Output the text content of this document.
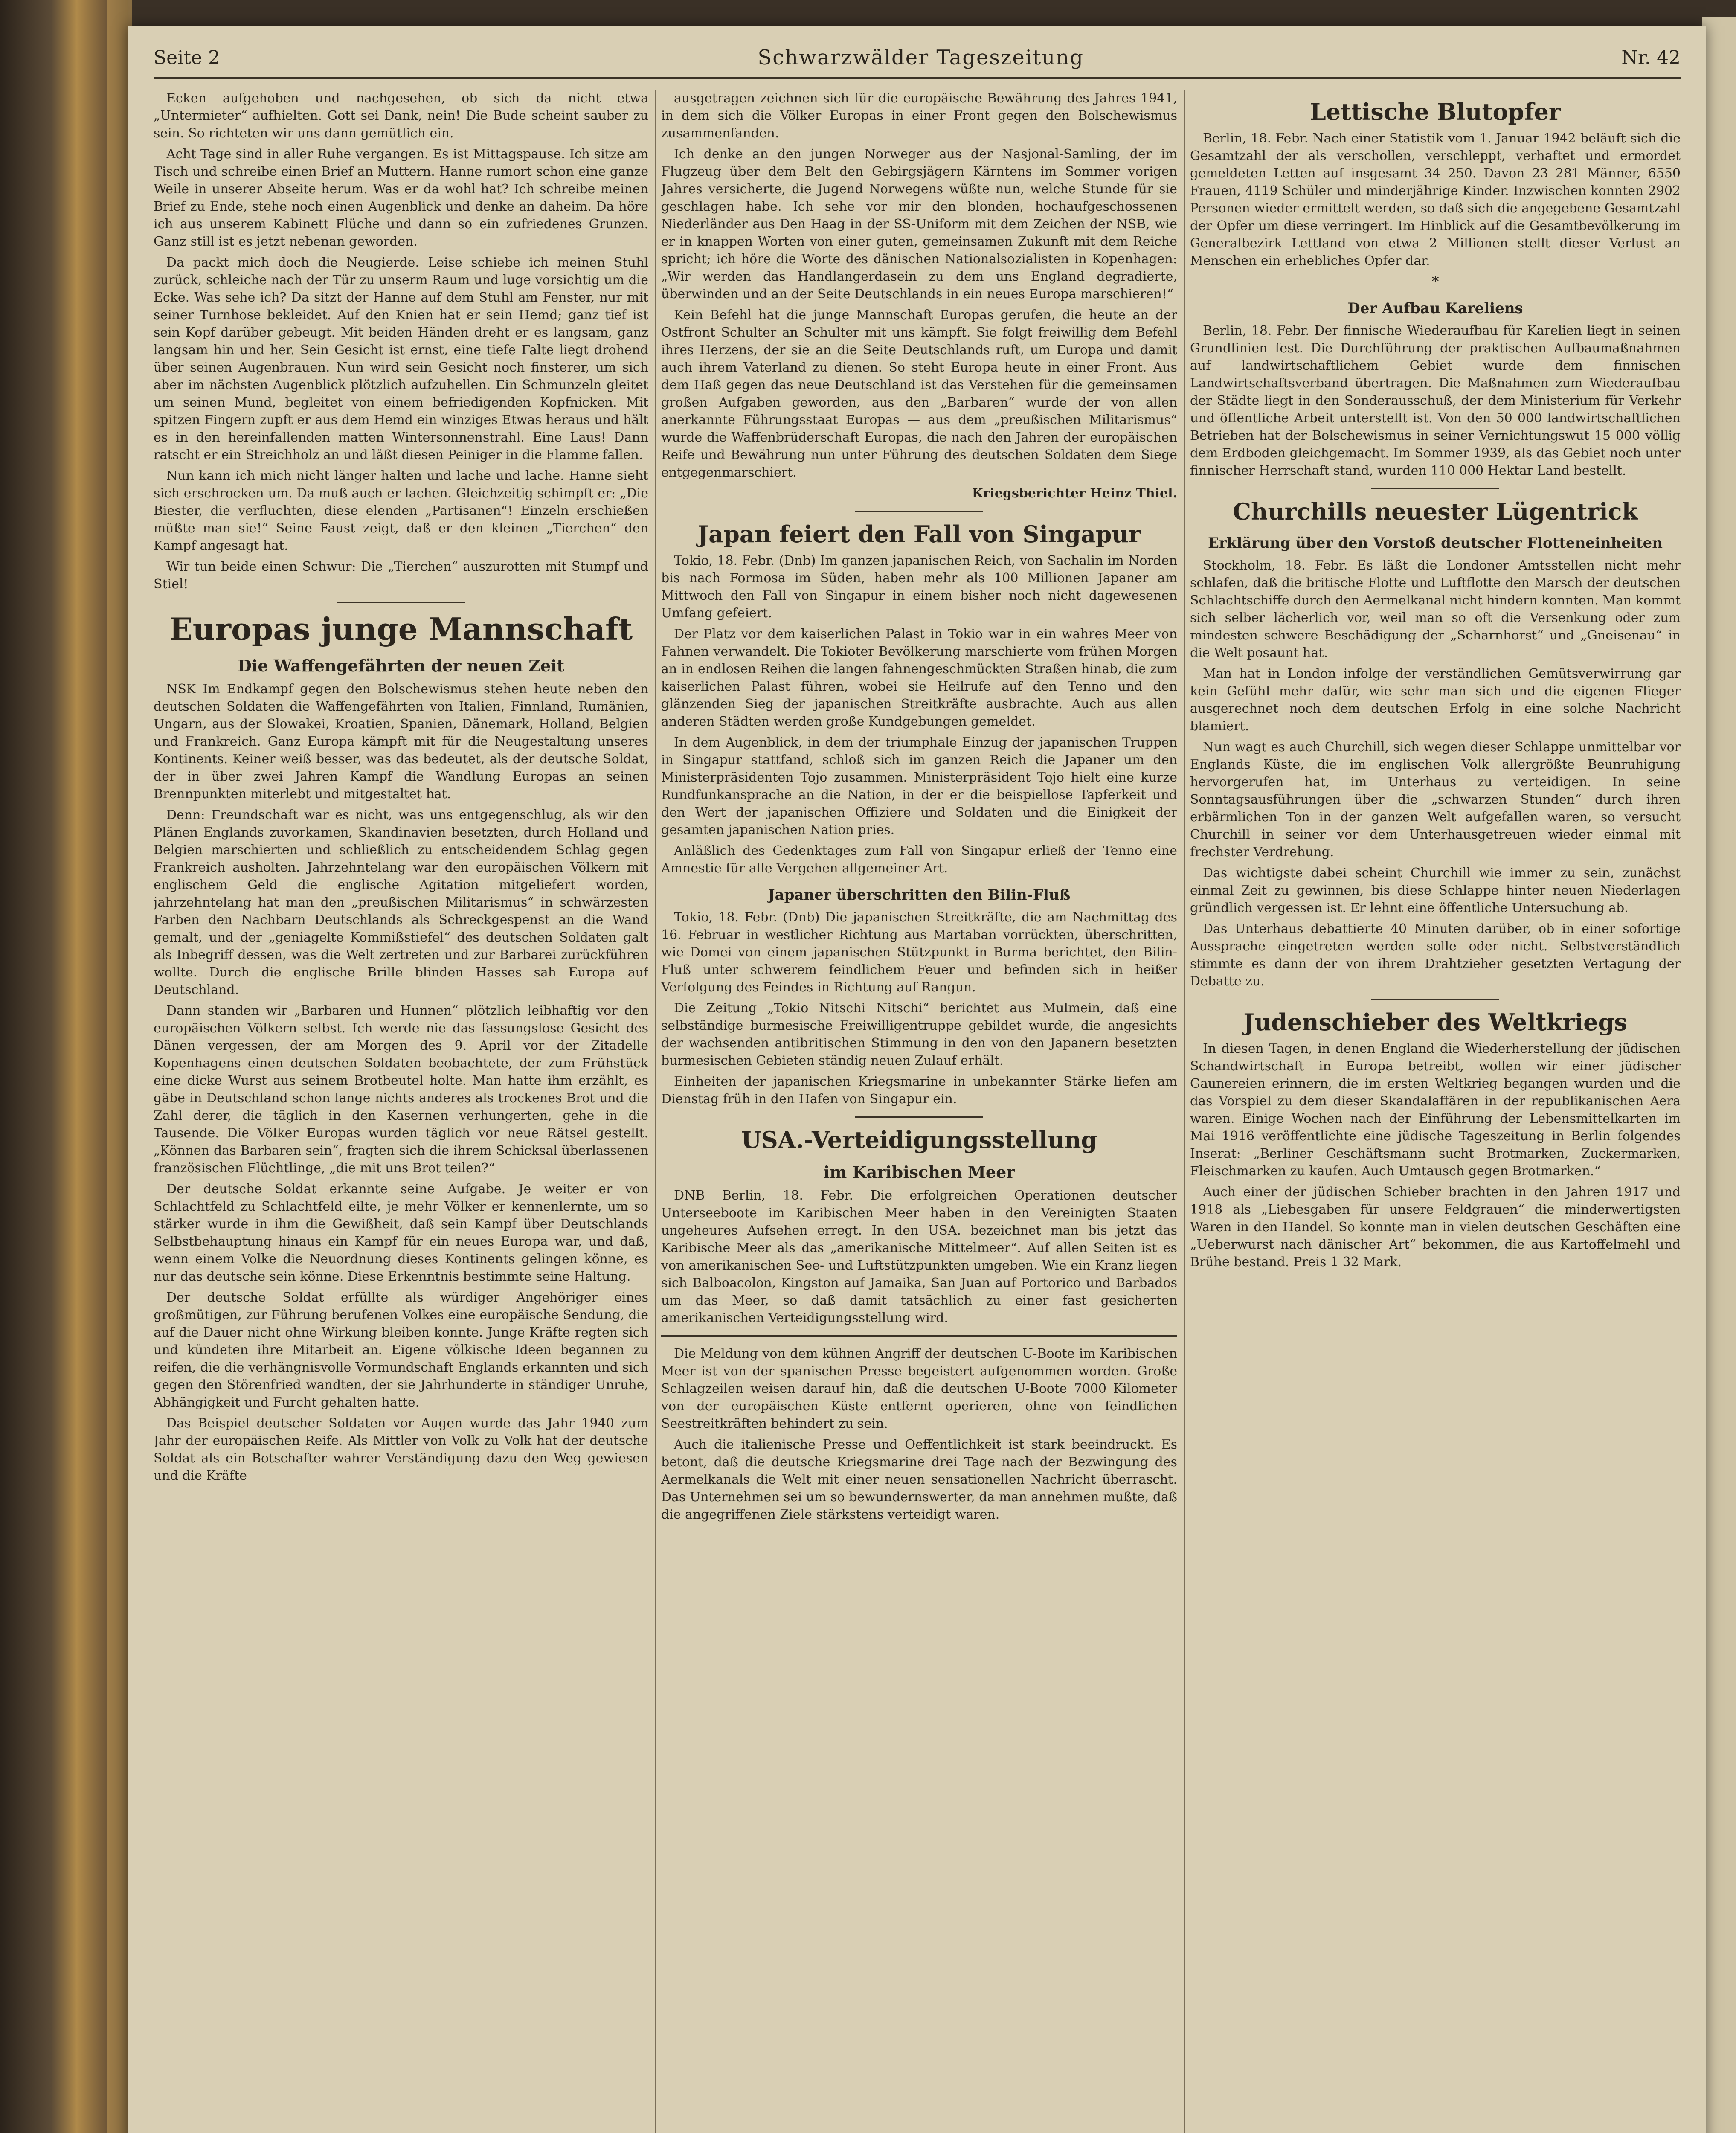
Seite 2	Schwarzwälder Tageszeitung	Nr. 42

Ecken aufgehoben und nachgesehen, ob sich da nicht etwa „Untermieter“ aufhielten. Gott sei Dank, nein! Die Bude scheint sauber zu sein. So richteten wir uns dann gemütlich ein.

Acht Tage sind in aller Ruhe vergangen. Es ist Mittagspause. Ich sitze am Tisch und schreibe einen Brief an Muttern. Hanne rumort schon eine ganze Weile in unserer Abseite herum. Was er da wohl hat? Ich schreibe meinen Brief zu Ende, stehe noch einen Augenblick und denke an daheim. Da höre ich aus unserem Kabinett Flüche und dann so ein zufriedenes Grunzen. Ganz still ist es jetzt nebenan geworden.

Da packt mich doch die Neugierde. Leise schiebe ich meinen Stuhl zurück, schleiche nach der Tür zu unserm Raum und luge vorsichtig um die Ecke. Was sehe ich? Da sitzt der Hanne auf dem Stuhl am Fenster, nur mit seiner Turnhose bekleidet. Auf den Knien hat er sein Hemd; ganz tief ist sein Kopf darüber gebeugt. Mit beiden Händen dreht er es langsam, ganz langsam hin und her. Sein Gesicht ist ernst, eine tiefe Falte liegt drohend über seinen Augenbrauen. Nun wird sein Gesicht noch finsterer, um sich aber im nächsten Augenblick plötzlich aufzuhellen. Ein Schmunzeln gleitet um seinen Mund, begleitet von einem befriedigenden Kopfnicken. Mit spitzen Fingern zupft er aus dem Hemd ein winziges Etwas heraus und hält es in den hereinfallenden matten Wintersonnenstrahl. Eine Laus! Dann ratscht er ein Streichholz an und läßt diesen Peiniger in die Flamme fallen.

Nun kann ich mich nicht länger halten und lache und lache. Hanne sieht sich erschrocken um. Da muß auch er lachen. Gleichzeitig schimpft er: „Die Biester, die verfluchten, diese elenden „Partisanen“! Einzeln erschießen müßte man sie!“ Seine Faust zeigt, daß er den kleinen „Tierchen“ den Kampf angesagt hat.

Wir tun beide einen Schwur: Die „Tierchen“ auszurotten mit Stumpf und Stiel!

Europas junge Mannschaft
Die Waffengefährten der neuen Zeit

NSK Im Endkampf gegen den Bolschewismus stehen heute neben den deutschen Soldaten die Waffengefährten von Italien, Finnland, Rumänien, Ungarn, aus der Slowakei, Kroatien, Spanien, Dänemark, Holland, Belgien und Frankreich. Ganz Europa kämpft mit für die Neugestaltung unseres Kontinents. Keiner weiß besser, was das bedeutet, als der deutsche Soldat, der in über zwei Jahren Kampf die Wandlung Europas an seinen Brennpunkten miterlebt und mitgestaltet hat.

Denn: Freundschaft war es nicht, was uns entgegenschlug, als wir den Plänen Englands zuvorkamen, Skandinavien besetzten, durch Holland und Belgien marschierten und schließlich zu entscheidendem Schlag gegen Frankreich ausholten. Jahrzehntelang war den europäischen Völkern mit englischem Geld die englische Agitation mitgeliefert worden, jahrzehntelang hat man den „preußischen Militarismus“ in schwärzesten Farben den Nachbarn Deutschlands als Schreckgespenst an die Wand gemalt, und der „geniagelte Kommißstiefel“ des deutschen Soldaten galt als Inbegriff dessen, was die Welt zertreten und zur Barbarei zurückführen wollte. Durch die englische Brille blinden Hasses sah Europa auf Deutschland.

Dann standen wir „Barbaren und Hunnen“ plötzlich leibhaftig vor den europäischen Völkern selbst. Ich werde nie das fassungslose Gesicht des Dänen vergessen, der am Morgen des 9. April vor der Zitadelle Kopenhagens einen deutschen Soldaten beobachtete, der zum Frühstück eine dicke Wurst aus seinem Brotbeutel holte. Man hatte ihm erzählt, es gäbe in Deutschland schon lange nichts anderes als trockenes Brot und die Zahl derer, die täglich in den Kasernen verhungerten, gehe in die Tausende. Die Völker Europas wurden täglich vor neue Rätsel gestellt. „Können das Barbaren sein“, fragten sich die ihrem Schicksal überlassenen französischen Flüchtlinge, „die mit uns Brot teilen?“

Der deutsche Soldat erkannte seine Aufgabe. Je weiter er von Schlachtfeld zu Schlachtfeld eilte, je mehr Völker er kennenlernte, um so stärker wurde in ihm die Gewißheit, daß sein Kampf über Deutschlands Selbstbehauptung hinaus ein Kampf für ein neues Europa war, und daß, wenn einem Volke die Neuordnung dieses Kontinents gelingen könne, es nur das deutsche sein könne. Diese Erkenntnis bestimmte seine Haltung.

Der deutsche Soldat erfüllte als würdiger Angehöriger eines großmütigen, zur Führung berufenen Volkes eine europäische Sendung, die auf die Dauer nicht ohne Wirkung bleiben konnte. Junge Kräfte regten sich und kündeten ihre Mitarbeit an. Eigene völkische Ideen begannen zu reifen, die die verhängnisvolle Vormundschaft Englands erkannten und sich gegen den Störenfried wandten, der sie Jahrhunderte in ständiger Unruhe, Abhängigkeit und Furcht gehalten hatte.

Das Beispiel deutscher Soldaten vor Augen wurde das Jahr 1940 zum Jahr der europäischen Reife. Als Mittler von Volk zu Volk hat der deutsche Soldat als ein Botschafter wahrer Verständigung dazu den Weg gewiesen und die Kräfte

ausgetragen zeichnen sich für die europäische Bewährung des Jahres 1941, in dem sich die Völker Europas in einer Front gegen den Bolschewismus zusammenfanden.

Ich denke an den jungen Norweger aus der Nasjonal-Samling, der im Flugzeug über dem Belt den Gebirgsjägern Kärntens im Sommer vorigen Jahres versicherte, die Jugend Norwegens wüßte nun, welche Stunde für sie geschlagen habe. Ich sehe vor mir den blonden, hochaufgeschossenen Niederländer aus Den Haag in der SS-Uniform mit dem Zeichen der NSB, wie er in knappen Worten von einer guten, gemeinsamen Zukunft mit dem Reiche spricht; ich höre die Worte des dänischen Nationalsozialisten in Kopenhagen: „Wir werden das Handlangerdasein zu dem uns England degradierte, überwinden und an der Seite Deutschlands in ein neues Europa marschieren!“

Kein Befehl hat die junge Mannschaft Europas gerufen, die heute an der Ostfront Schulter an Schulter mit uns kämpft. Sie folgt freiwillig dem Befehl ihres Herzens, der sie an die Seite Deutschlands ruft, um Europa und damit auch ihrem Vaterland zu dienen. So steht Europa heute in einer Front. Aus dem Haß gegen das neue Deutschland ist das Verstehen für die gemeinsamen großen Aufgaben geworden, aus den „Barbaren“ wurde der von allen anerkannte Führungsstaat Europas — aus dem „preußischen Militarismus“ wurde die Waffenbrüderschaft Europas, die nach den Jahren der europäischen Reife und Bewährung nun unter Führung des deutschen Soldaten dem Siege entgegenmarschiert.

Kriegsberichter Heinz Thiel.
Japan feiert den Fall von Singapur

Tokio, 18. Febr. (Dnb) Im ganzen japanischen Reich, von Sachalin im Norden bis nach Formosa im Süden, haben mehr als 100 Millionen Japaner am Mittwoch den Fall von Singapur in einem bisher noch nicht dagewesenen Umfang gefeiert.

Der Platz vor dem kaiserlichen Palast in Tokio war in ein wahres Meer von Fahnen verwandelt. Die Tokioter Bevölkerung marschierte vom frühen Morgen an in endlosen Reihen die langen fahnengeschmückten Straßen hinab, die zum kaiserlichen Palast führen, wobei sie Heilrufe auf den Tenno und den glänzenden Sieg der japanischen Streitkräfte ausbrachte. Auch aus allen anderen Städten werden große Kundgebungen gemeldet.

In dem Augenblick, in dem der triumphale Einzug der japanischen Truppen in Singapur stattfand, schloß sich im ganzen Reich die Japaner um den Ministerpräsidenten Tojo zusammen. Ministerpräsident Tojo hielt eine kurze Rundfunkansprache an die Nation, in der er die beispiellose Tapferkeit und den Wert der japanischen Offiziere und Soldaten und die Einigkeit der gesamten japanischen Nation pries.

Anläßlich des Gedenktages zum Fall von Singapur erließ der Tenno eine Amnestie für alle Vergehen allgemeiner Art.

Japaner überschritten den Bilin-Fluß

Tokio, 18. Febr. (Dnb) Die japanischen Streitkräfte, die am Nachmittag des 16. Februar in westlicher Richtung aus Martaban vorrückten, überschritten, wie Domei von einem japanischen Stützpunkt in Burma berichtet, den Bilin-Fluß unter schwerem feindlichem Feuer und befinden sich in heißer Verfolgung des Feindes in Richtung auf Rangun.

Die Zeitung „Tokio Nitschi Nitschi“ berichtet aus Mulmein, daß eine selbständige burmesische Freiwilligentruppe gebildet wurde, die angesichts der wachsenden antibritischen Stimmung in den von den Japanern besetzten burmesischen Gebieten ständig neuen Zulauf erhält.

Einheiten der japanischen Kriegsmarine in unbekannter Stärke liefen am Dienstag früh in den Hafen von Singapur ein.

USA.-Verteidigungsstellung
im Karibischen Meer

DNB Berlin, 18. Febr. Die erfolgreichen Operationen deutscher Unterseeboote im Karibischen Meer haben in den Vereinigten Staaten ungeheures Aufsehen erregt. In den USA. bezeichnet man bis jetzt das Karibische Meer als das „amerikanische Mittelmeer“. Auf allen Seiten ist es von amerikanischen See- und Luftstützpunkten umgeben. Wie ein Kranz liegen sich Balboacolon, Kingston auf Jamaika, San Juan auf Portorico und Barbados um das Meer, so daß damit tatsächlich zu einer fast gesicherten amerikanischen Verteidigungsstellung wird.

Die Meldung von dem kühnen Angriff der deutschen U-Boote im Karibischen Meer ist von der spanischen Presse begeistert aufgenommen worden. Große Schlagzeilen weisen darauf hin, daß die deutschen U-Boote 7000 Kilometer von der europäischen Küste entfernt operieren, ohne von feindlichen Seestreitkräften behindert zu sein.

Auch die italienische Presse und Oeffentlichkeit ist stark beeindruckt. Es betont, daß die deutsche Kriegsmarine drei Tage nach der Bezwingung des Aermelkanals die Welt mit einer neuen sensationellen Nachricht überrascht. Das Unternehmen sei um so bewundernswerter, da man annehmen mußte, daß die angegriffenen Ziele stärkstens verteidigt waren.

Lettische Blutopfer

Berlin, 18. Febr. Nach einer Statistik vom 1. Januar 1942 beläuft sich die Gesamtzahl der als verschollen, verschleppt, verhaftet und ermordet gemeldeten Letten auf insgesamt 34 250. Davon 23 281 Männer, 6550 Frauen, 4119 Schüler und minderjährige Kinder. Inzwischen konnten 2902 Personen wieder ermittelt werden, so daß sich die angegebene Gesamtzahl der Opfer um diese verringert. Im Hinblick auf die Gesamtbevölkerung im Generalbezirk Lettland von etwa 2 Millionen stellt dieser Verlust an Menschen ein erhebliches Opfer dar.

*
Der Aufbau Kareliens

Berlin, 18. Febr. Der finnische Wiederaufbau für Karelien liegt in seinen Grundlinien fest. Die Durchführung der praktischen Aufbaumaßnahmen auf landwirtschaftlichem Gebiet wurde dem finnischen Landwirtschaftsverband übertragen. Die Maßnahmen zum Wiederaufbau der Städte liegt in den Sonderausschuß, der dem Ministerium für Verkehr und öffentliche Arbeit unterstellt ist. Von den 50 000 landwirtschaftlichen Betrieben hat der Bolschewismus in seiner Vernichtungswut 15 000 völlig dem Erdboden gleichgemacht. Im Sommer 1939, als das Gebiet noch unter finnischer Herrschaft stand, wurden 110 000 Hektar Land bestellt.

Churchills neuester Lügentrick
Erklärung über den Vorstoß deutscher Flotteneinheiten

Stockholm, 18. Febr. Es läßt die Londoner Amtsstellen nicht mehr schlafen, daß die britische Flotte und Luftflotte den Marsch der deutschen Schlachtschiffe durch den Aermelkanal nicht hindern konnten. Man kommt sich selber lächerlich vor, weil man so oft die Versenkung oder zum mindesten schwere Beschädigung der „Scharnhorst“ und „Gneisenau“ in die Welt posaunt hat.

Man hat in London infolge der verständlichen Gemütsverwirrung gar kein Gefühl mehr dafür, wie sehr man sich und die eigenen Flieger ausgerechnet noch dem deutschen Erfolg in eine solche Nachricht blamiert.

Nun wagt es auch Churchill, sich wegen dieser Schlappe unmittelbar vor Englands Küste, die im englischen Volk allergrößte Beunruhigung hervorgerufen hat, im Unterhaus zu verteidigen. In seine Sonntagsausführungen über die „schwarzen Stunden“ durch ihren erbärmlichen Ton in der ganzen Welt aufgefallen waren, so versucht Churchill in seiner vor dem Unterhausgetreuen wieder einmal mit frechster Verdrehung.

Das wichtigste dabei scheint Churchill wie immer zu sein, zunächst einmal Zeit zu gewinnen, bis diese Schlappe hinter neuen Niederlagen gründlich vergessen ist. Er lehnt eine öffentliche Untersuchung ab.

Das Unterhaus debattierte 40 Minuten darüber, ob in einer sofortige Aussprache eingetreten werden solle oder nicht. Selbstverständlich stimmte es dann der von ihrem Drahtzieher gesetzten Vertagung der Debatte zu.

Judenschieber des Weltkriegs

In diesen Tagen, in denen England die Wiederherstellung der jüdischen Schandwirtschaft in Europa betreibt, wollen wir einer jüdischer Gaunereien erinnern, die im ersten Weltkrieg begangen wurden und die das Vorspiel zu dem dieser Skandalaffären in der republikanischen Aera waren. Einige Wochen nach der Einführung der Lebensmittelkarten im Mai 1916 veröffentlichte eine jüdische Tageszeitung in Berlin folgendes Inserat: „Berliner Geschäftsmann sucht Brotmarken, Zuckermarken, Fleischmarken zu kaufen. Auch Umtausch gegen Brotmarken.“

Auch einer der jüdischen Schieber brachten in den Jahren 1917 und 1918 als „Liebesgaben für unsere Feldgrauen“ die minderwertigsten Waren in den Handel. So konnte man in vielen deutschen Geschäften eine „Ueberwurst nach dänischer Art“ bekommen, die aus Kartoffelmehl und Brühe bestand. Preis 1 32 Mark.
